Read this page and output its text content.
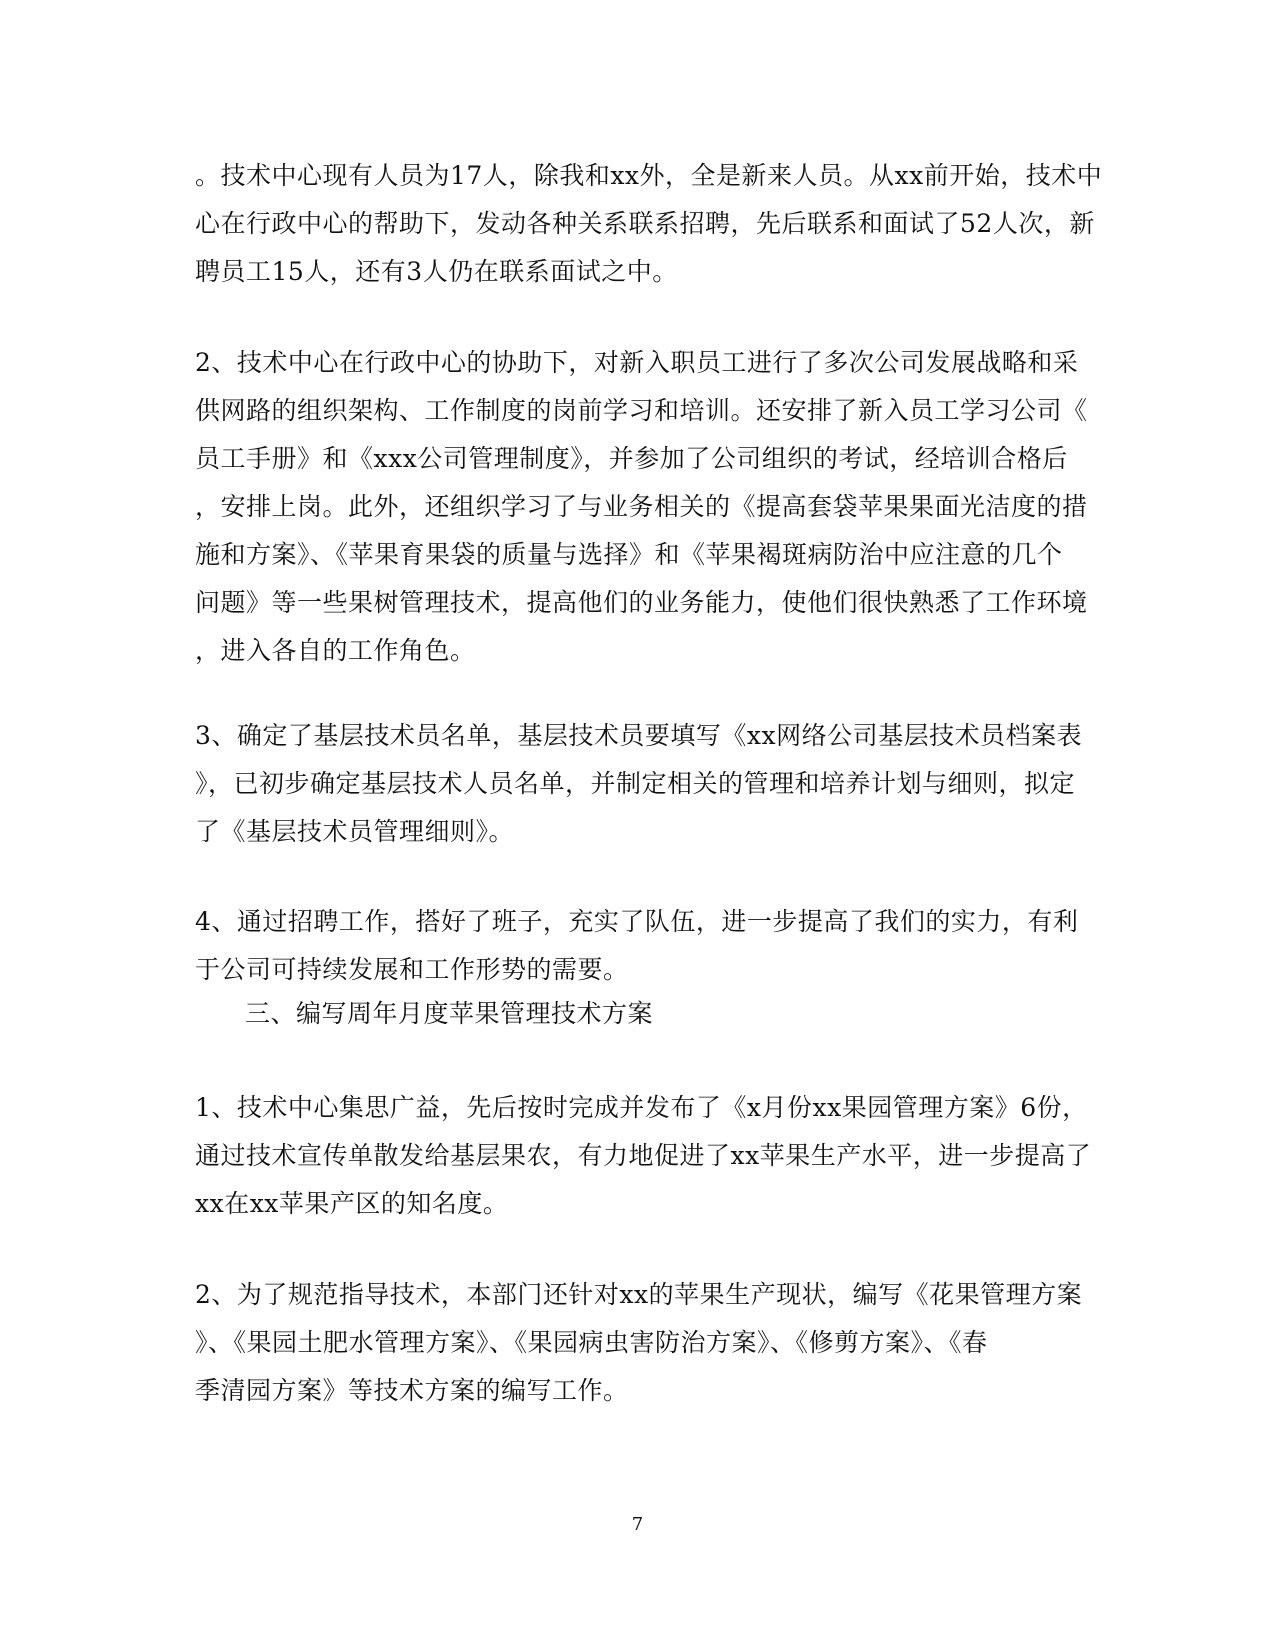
。技术中心现有人员为17人，除我和xx外，全是新来人员。从xx前开始，技术中
心在行政中心的帮助下，发动各种关系联系招聘，先后联系和面试了52人次，新
聘员工15人，还有3人仍在联系面试之中。
2、技术中心在行政中心的协助下，对新入职员工进行了多次公司发展战略和采
供网路的组织架构、工作制度的岗前学习和培训。还安排了新入员工学习公司《
员工手册》和《xxx公司管理制度》，并参加了公司组织的考试，经培训合格后
，安排上岗。此外，还组织学习了与业务相关的《提高套袋苹果果面光洁度的措
施和方案》、《苹果育果袋的质量与选择》和《苹果褐斑病防治中应注意的几个
问题》等一些果树管理技术，提高他们的业务能力，使他们很快熟悉了工作环境
，进入各自的工作角色。
3、确定了基层技术员名单，基层技术员要填写《xx网络公司基层技术员档案表
》，已初步确定基层技术人员名单，并制定相关的管理和培养计划与细则，拟定
了《基层技术员管理细则》。
4、通过招聘工作，搭好了班子，充实了队伍，进一步提高了我们的实力，有利
于公司可持续发展和工作形势的需要。
三、编写周年月度苹果管理技术方案
1、技术中心集思广益，先后按时完成并发布了《x月份xx果园管理方案》6份，
通过技术宣传单散发给基层果农，有力地促进了xx苹果生产水平，进一步提高了
xx在xx苹果产区的知名度。
2、为了规范指导技术，本部门还针对xx的苹果生产现状，编写《花果管理方案
》、《果园土肥水管理方案》、《果园病虫害防治方案》、《修剪方案》、《春
季清园方案》等技术方案的编写工作。
7
